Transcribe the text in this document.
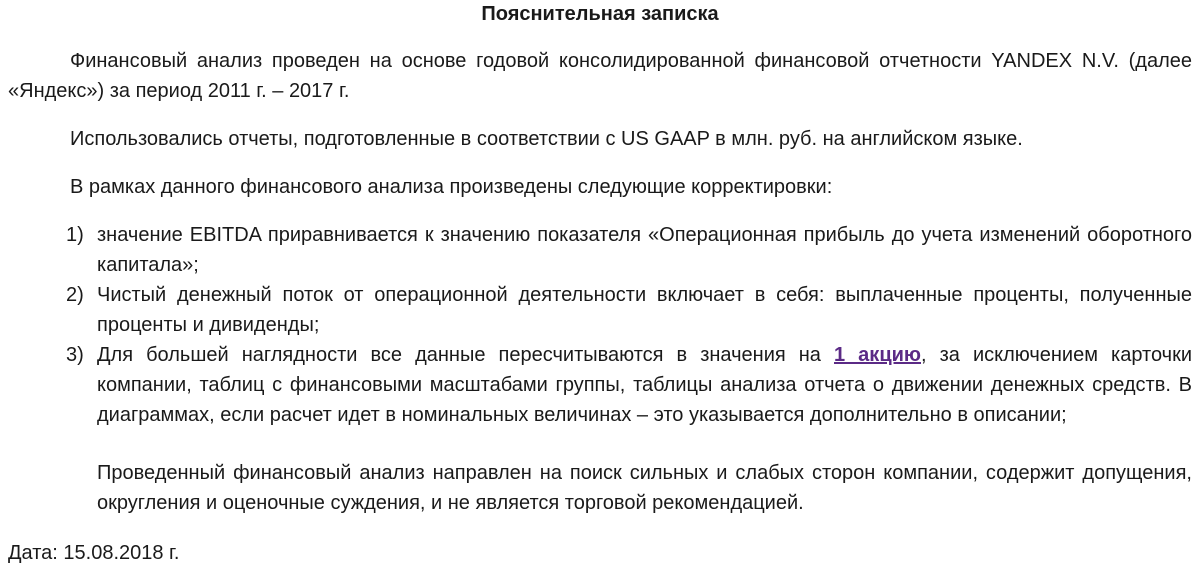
Пояснительная записка

Финансовый анализ проведен на основе годовой консолидированной финансовой отчетности YANDEX N.V. (далее «Яндекс») за период 2011 г. – 2017 г.

Использовались отчеты, подготовленные в соответствии с US GAAP в млн. руб. на английском языке.

В рамках данного финансового анализа произведены следующие корректировки:

1) значение EBITDA приравнивается к значению показателя «Операционная прибыль до учета изменений оборотного капитала»;
2) Чистый денежный поток от операционной деятельности включает в себя: выплаченные проценты, полученные проценты и дивиденды;
3) Для большей наглядности все данные пересчитываются в значения на 1 акцию, за исключением карточки компании, таблиц с финансовыми масштабами группы, таблицы анализа отчета о движении денежных средств. В диаграммах, если расчет идет в номинальных величинах – это указывается дополнительно в описании;

Проведенный финансовый анализ направлен на поиск сильных и слабых сторон компании, содержит допущения, округления и оценочные суждения, и не является торговой рекомендацией.

Дата: 15.08.2018 г.
